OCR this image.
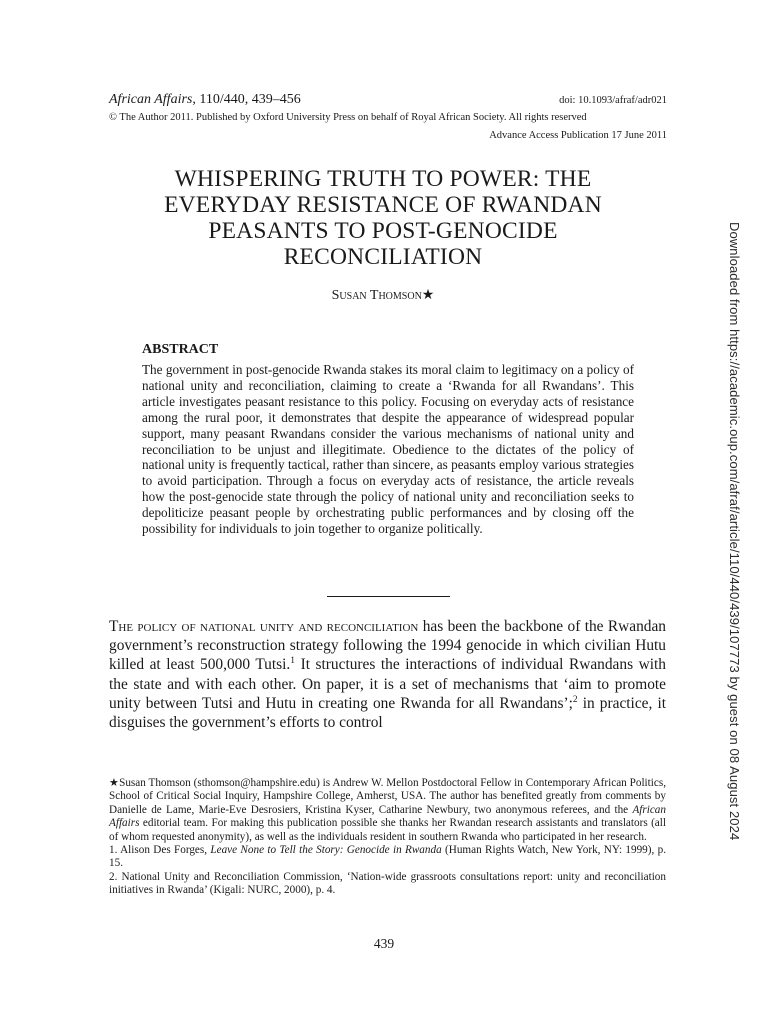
African Affairs, 110/440, 439–456	doi: 10.1093/afraf/adr021
© The Author 2011. Published by Oxford University Press on behalf of Royal African Society. All rights reserved
Advance Access Publication 17 June 2011
WHISPERING TRUTH TO POWER: THE
EVERYDAY RESISTANCE OF RWANDAN
PEASANTS TO POST-GENOCIDE
RECONCILIATION
Susan Thomson★
ABSTRACT
The government in post-genocide Rwanda stakes its moral claim to legitimacy on a policy of national unity and reconciliation, claiming to create a ‘Rwanda for all Rwandans’. This article investigates peasant resistance to this policy. Focusing on everyday acts of resistance among the rural poor, it demonstrates that despite the appearance of widespread popular support, many peasant Rwandans consider the various mechanisms of national unity and reconciliation to be unjust and illegitimate. Obedience to the dictates of the policy of national unity is frequently tactical, rather than sincere, as peasants employ various strategies to avoid participation. Through a focus on everyday acts of resistance, the article reveals how the post-genocide state through the policy of national unity and reconciliation seeks to depoliticize peasant people by orchestrating public performances and by closing off the possibility for individuals to join together to organize politically.
The policy of national unity and reconciliation has been the backbone of the Rwandan government’s reconstruction strategy following the 1994 genocide in which civilian Hutu killed at least 500,000 Tutsi.$^1$ It structures the interactions of individual Rwandans with the state and with each other. On paper, it is a set of mechanisms that ‘aim to promote unity between Tutsi and Hutu in creating one Rwanda for all Rwandans’;$^2$ in practice, it disguises the government’s efforts to control

★Susan Thomson (sthomson@hampshire.edu) is Andrew W. Mellon Postdoctoral Fellow in Contemporary African Politics, School of Critical Social Inquiry, Hampshire College, Amherst, USA. The author has benefited greatly from comments by Danielle de Lame, Marie-Eve Desrosiers, Kristina Kyser, Catharine Newbury, two anonymous referees, and the African Affairs editorial team. For making this publication possible she thanks her Rwandan research assistants and translators (all of whom requested anonymity), as well as the individuals resident in southern Rwanda who participated in her research.

1. Alison Des Forges, Leave None to Tell the Story: Genocide in Rwanda (Human Rights Watch, New York, NY: 1999), p. 15.

2. National Unity and Reconciliation Commission, ‘Nation-wide grassroots consultations report: unity and reconciliation initiatives in Rwanda’ (Kigali: NURC, 2000), p. 4.

439
Downloaded from https://academic.oup.com/afraf/article/110/440/439/107773 by guest on 08 August 2024
